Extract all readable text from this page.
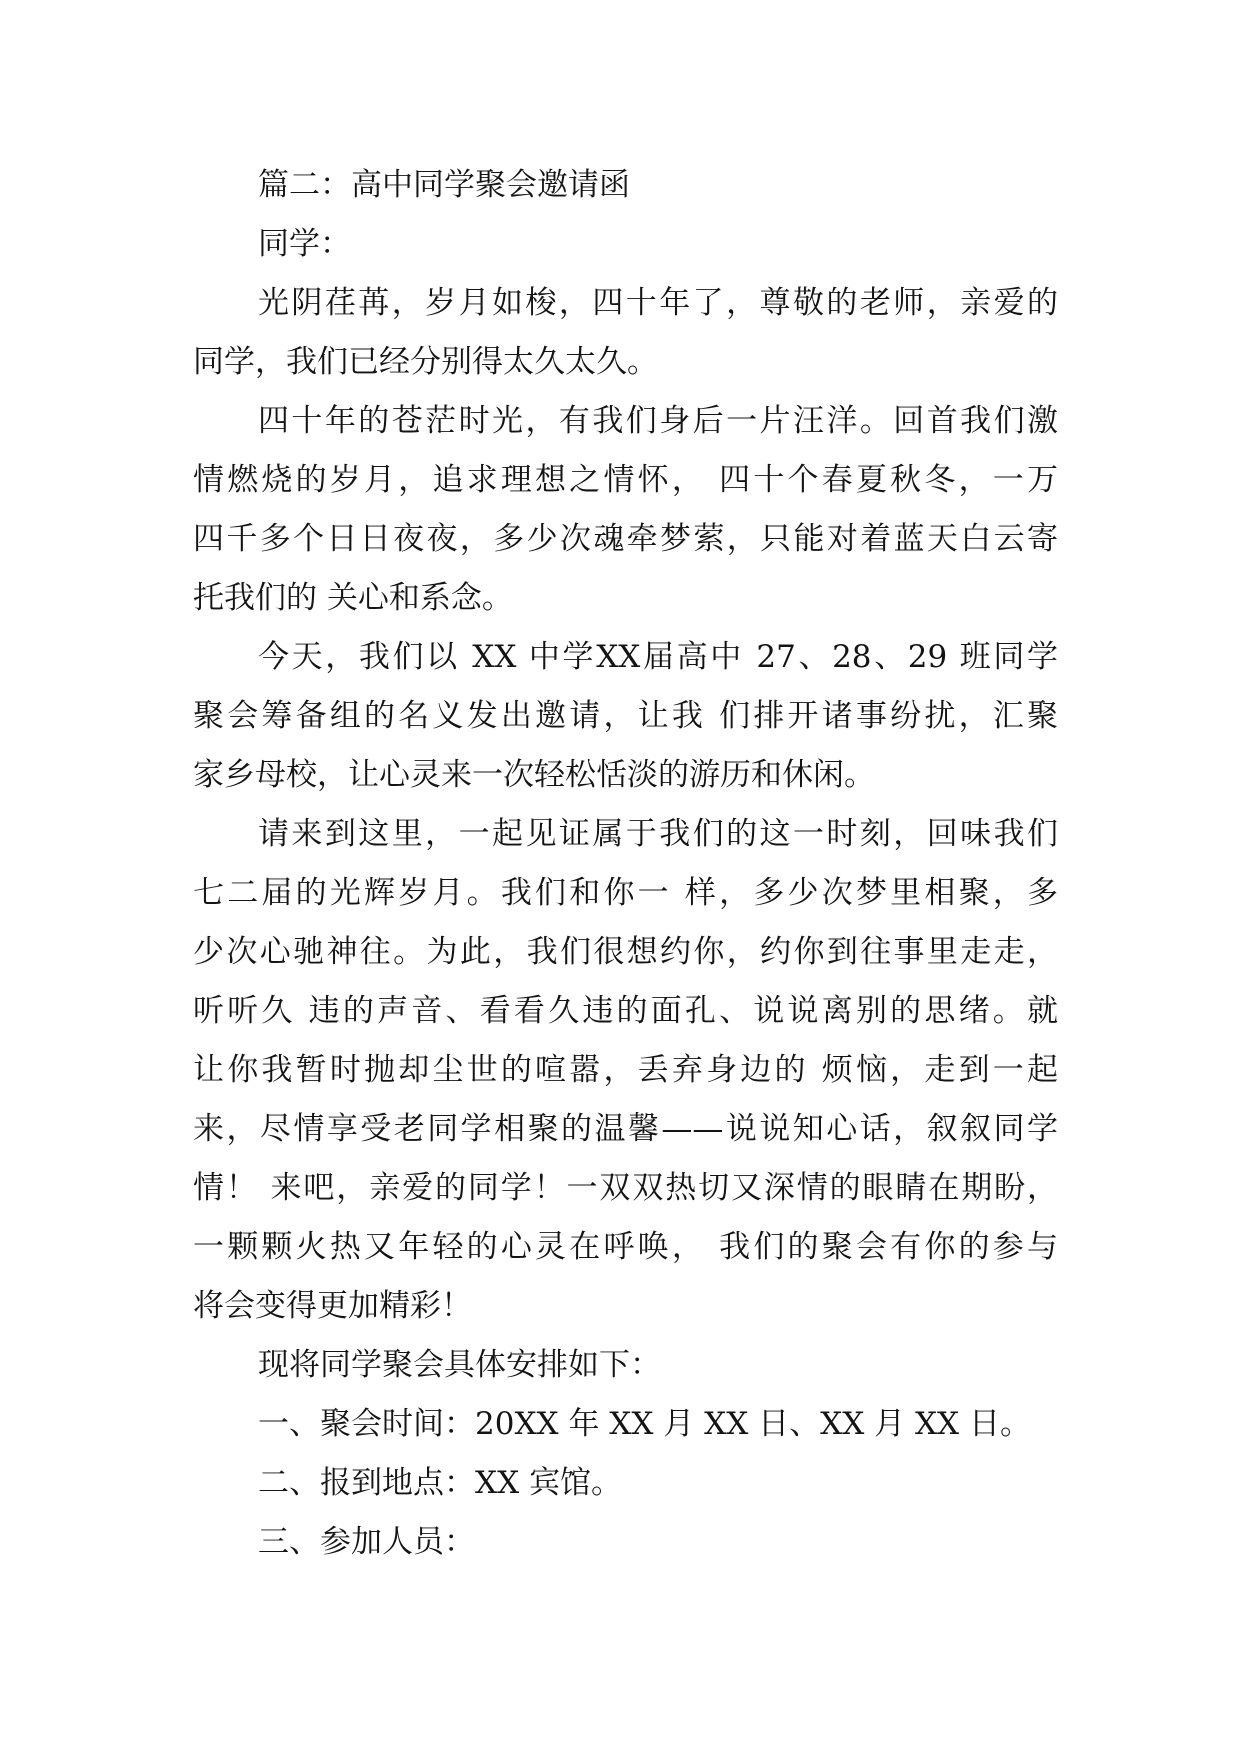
篇二：高中同学聚会邀请函
同学：
光阴荏苒，岁月如梭，四十年了，尊敬的老师，亲爱的
同学，我们已经分别得太久太久。
四十年的苍茫时光，有我们身后一片汪洋。回首我们激
情燃烧的岁月，追求理想之情怀， 四十个春夏秋冬，一万
四千多个日日夜夜，多少次魂牵梦萦，只能对着蓝天白云寄
托我们的 关心和系念。
今天，我们以 XX 中学XX届高中 27、28、29 班同学
聚会筹备组的名义发出邀请，让我 们排开诸事纷扰，汇聚
家乡母校，让心灵来一次轻松恬淡的游历和休闲。
请来到这里，一起见证属于我们的这一时刻，回味我们
七二届的光辉岁月。我们和你一 样，多少次梦里相聚，多
少次心驰神往。为此，我们很想约你，约你到往事里走走，
听听久 违的声音、看看久违的面孔、说说离别的思绪。就
让你我暂时抛却尘世的喧嚣，丢弃身边的 烦恼，走到一起
来，尽情享受老同学相聚的温馨——说说知心话，叙叙同学
情！ 来吧，亲爱的同学！一双双热切又深情的眼睛在期盼，
一颗颗火热又年轻的心灵在呼唤， 我们的聚会有你的参与
将会变得更加精彩！
现将同学聚会具体安排如下：
一、聚会时间：20XX 年 XX 月 XX 日、XX 月 XX 日。
二、报到地点：XX 宾馆。
三、参加人员：
